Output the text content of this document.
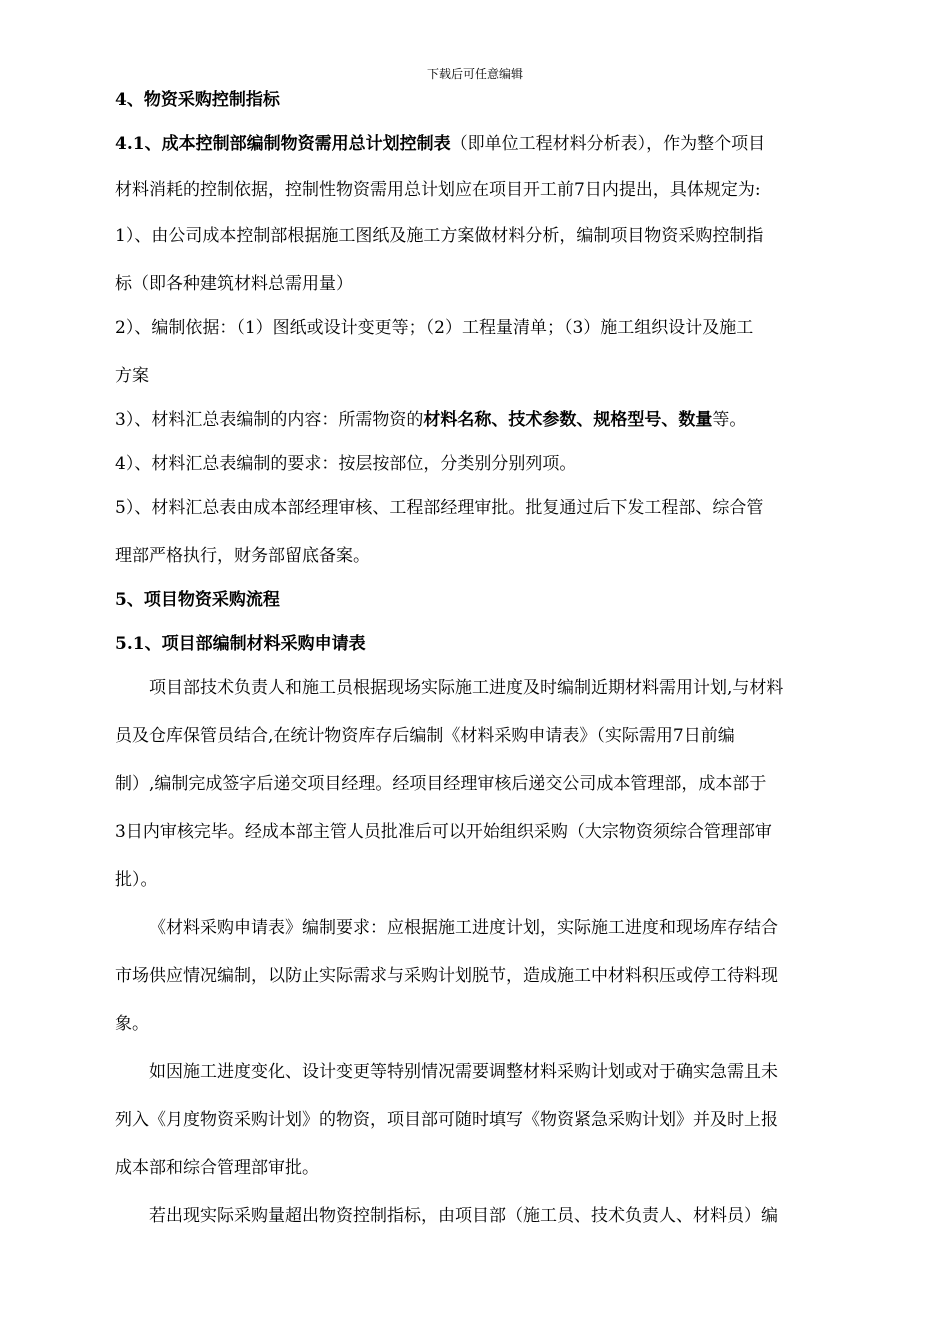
下载后可任意编辑

4、物资采购控制指标

4.1、成本控制部编制物资需用总计划控制表（即单位工程材料分析表），作为整个项目

材料消耗的控制依据，控制性物资需用总计划应在项目开工前7日内提出，具体规定为:

1）、由公司成本控制部根据施工图纸及施工方案做材料分析，编制项目物资采购控制指

标（即各种建筑材料总需用量）

2）、编制依据：（1）图纸或设计变更等；（2）工程量清单；（3）施工组织设计及施工

方案

3）、材料汇总表编制的内容：所需物资的材料名称、技术参数、规格型号、数量等。

4）、材料汇总表编制的要求：按层按部位，分类别分别列项。

5）、材料汇总表由成本部经理审核、工程部经理审批。批复通过后下发工程部、综合管

理部严格执行，财务部留底备案。

5、项目物资采购流程

5.1、项目部编制材料采购申请表

项目部技术负责人和施工员根据现场实际施工进度及时编制近期材料需用计划,与材料

员及仓库保管员结合,在统计物资库存后编制《材料采购申请表》（实际需用7日前编

制）,编制完成签字后递交项目经理。经项目经理审核后递交公司成本管理部，成本部于

3日内审核完毕。经成本部主管人员批准后可以开始组织采购（大宗物资须综合管理部审

批）。

《材料采购申请表》编制要求：应根据施工进度计划，实际施工进度和现场库存结合

市场供应情况编制，以防止实际需求与采购计划脱节，造成施工中材料积压或停工待料现

象。

如因施工进度变化、设计变更等特别情况需要调整材料采购计划或对于确实急需且未

列入《月度物资采购计划》的物资，项目部可随时填写《物资紧急采购计划》并及时上报

成本部和综合管理部审批。

若出现实际采购量超出物资控制指标，由项目部（施工员、技术负责人、材料员）编
